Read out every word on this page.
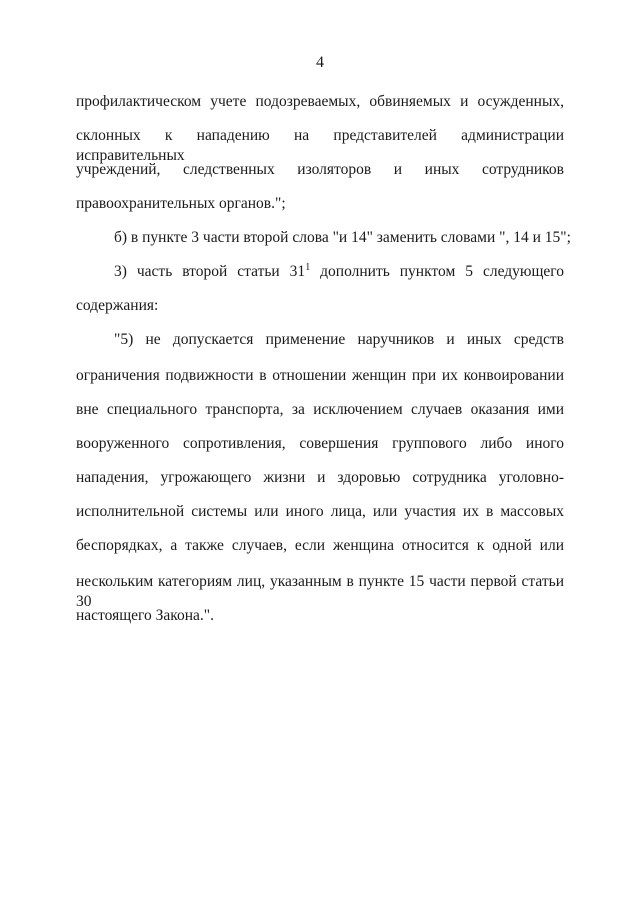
4
профилактическом учете подозреваемых, обвиняемых и осужденных,
склонных к нападению на представителей администрации исправительных
учреждений, следственных изоляторов и иных сотрудников
правоохранительных органов.";
б) в пункте 3 части второй слова "и 14" заменить словами ", 14 и 15";
3) часть второй статьи $31^1$ дополнить пунктом 5 следующего
содержания:
"5) не допускается применение наручников и иных средств
ограничения подвижности в отношении женщин при их конвоировании
вне специального транспорта, за исключением случаев оказания ими
вооруженного сопротивления, совершения группового либо иного
нападения, угрожающего жизни и здоровью сотрудника уголовно-
исполнительной системы или иного лица, или участия их в массовых
беспорядках, а также случаев, если женщина относится к одной или
нескольким категориям лиц, указанным в пункте 15 части первой статьи 30
настоящего Закона.".
